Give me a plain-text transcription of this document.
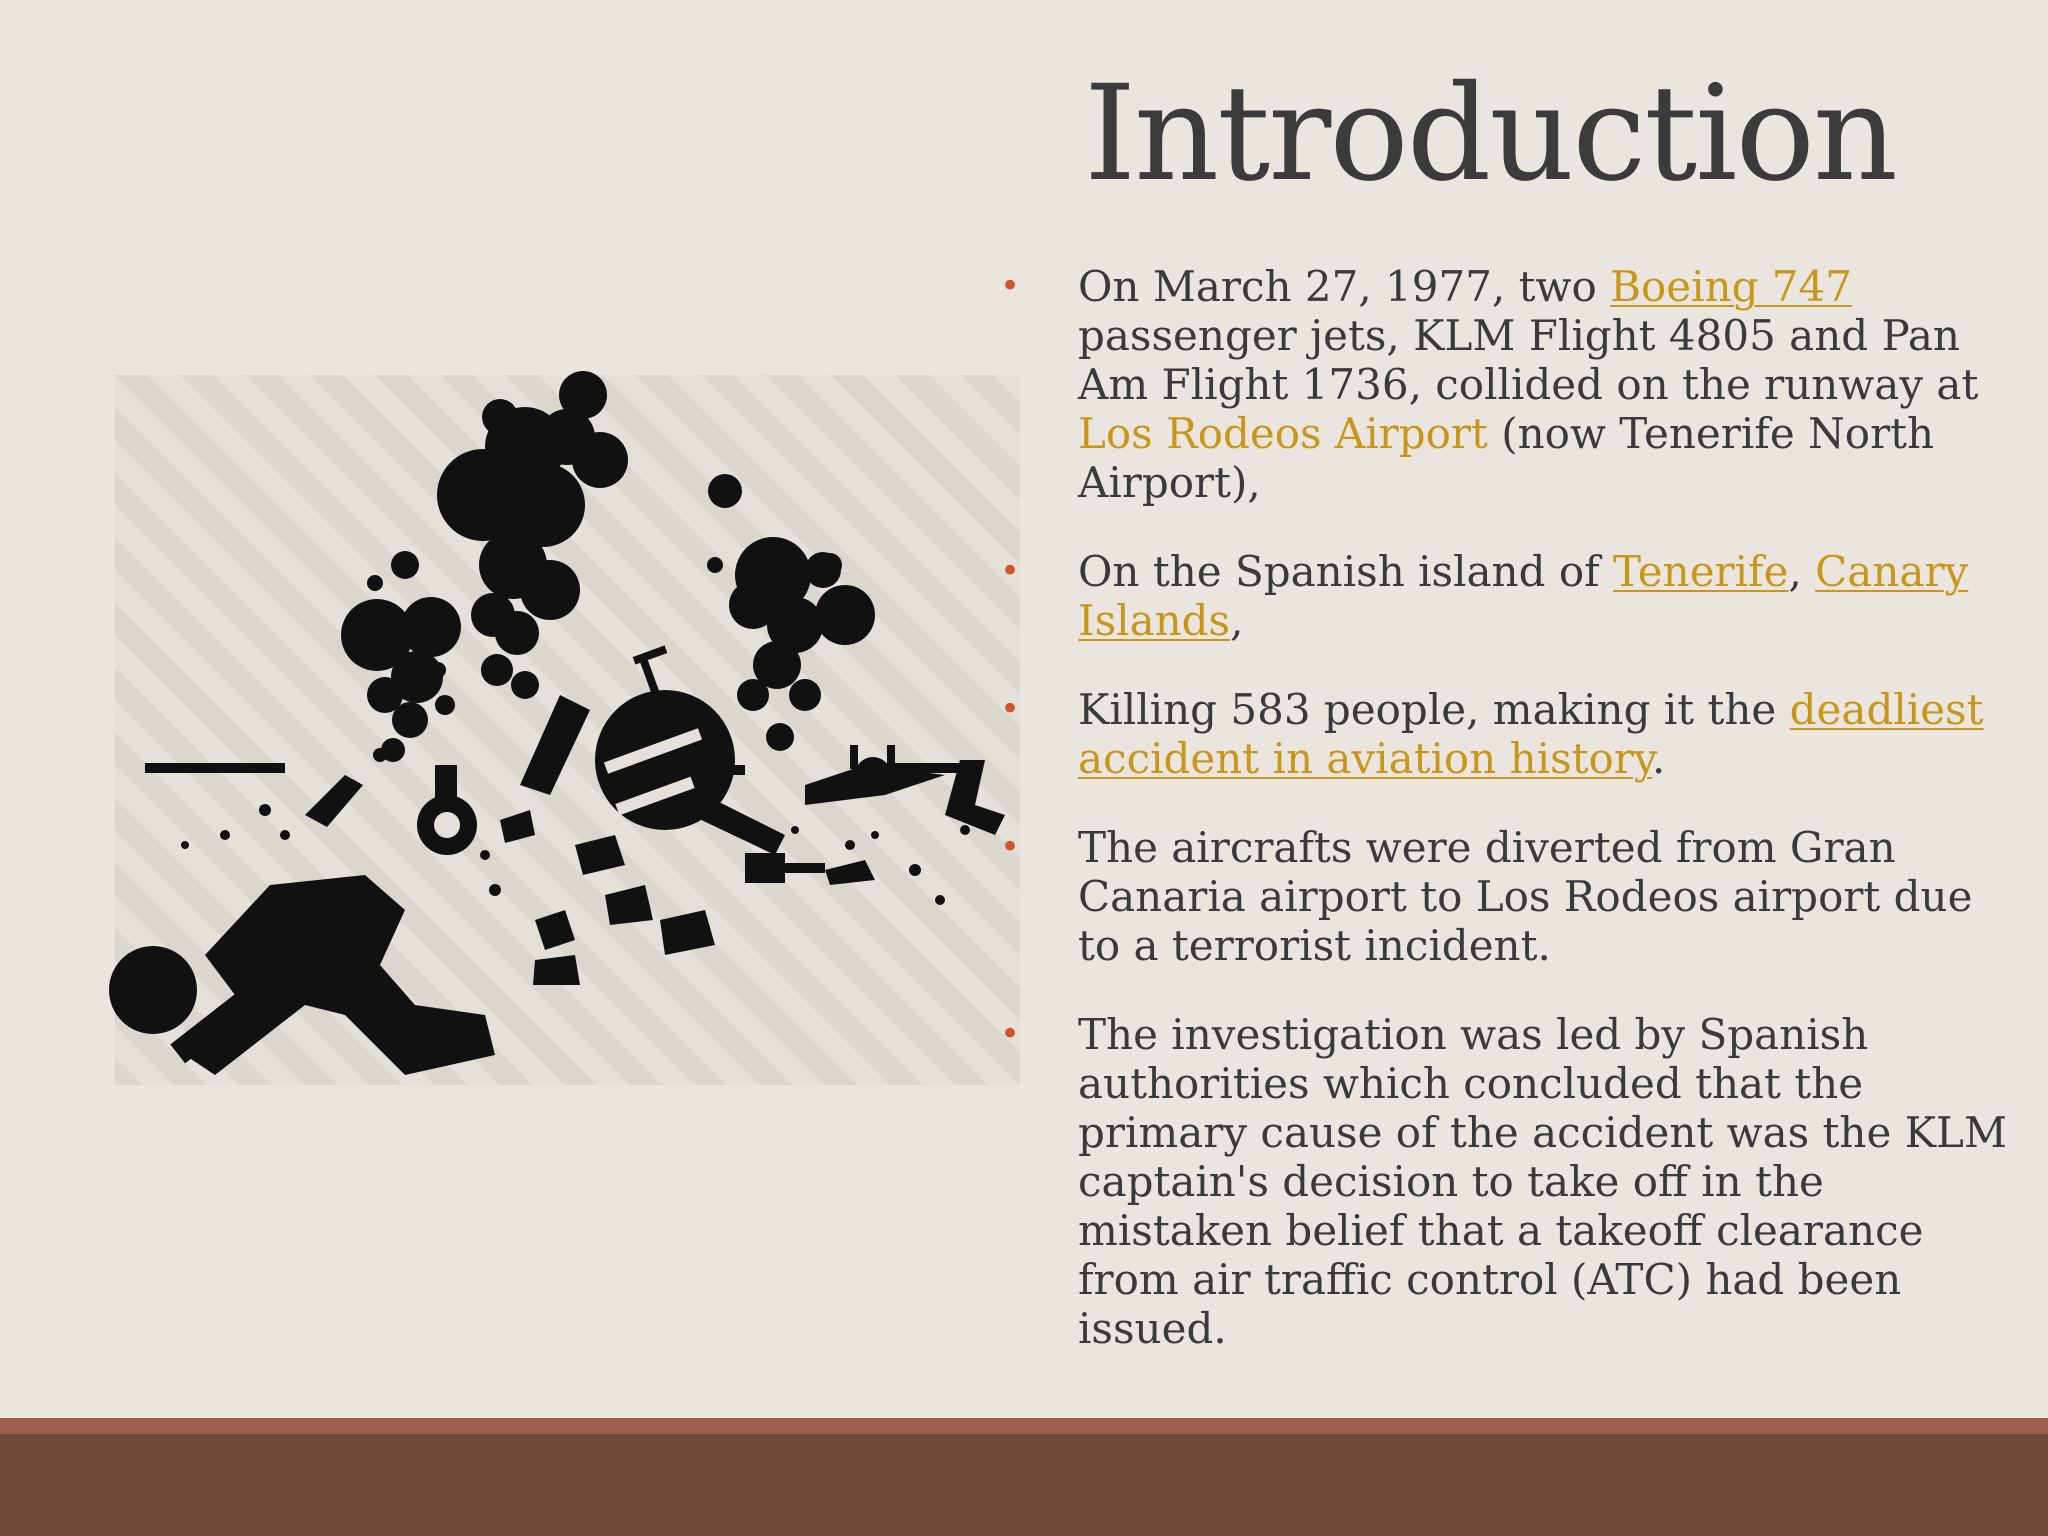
Introduction
• On March 27, 1977, two Boeing 747 passenger jets, KLM Flight 4805 and Pan Am Flight 1736, collided on the runway at Los Rodeos Airport (now Tenerife North Airport),
• On the Spanish island of Tenerife, Canary Islands,
• Killing 583 people, making it the deadliest accident in aviation history.
• The aircrafts were diverted from Gran Canaria airport to Los Rodeos airport due to a terrorist incident.
• The investigation was led by Spanish authorities which concluded that the primary cause of the accident was the KLM captain's decision to take off in the mistaken belief that a takeoff clearance from air traffic control (ATC) had been issued.
